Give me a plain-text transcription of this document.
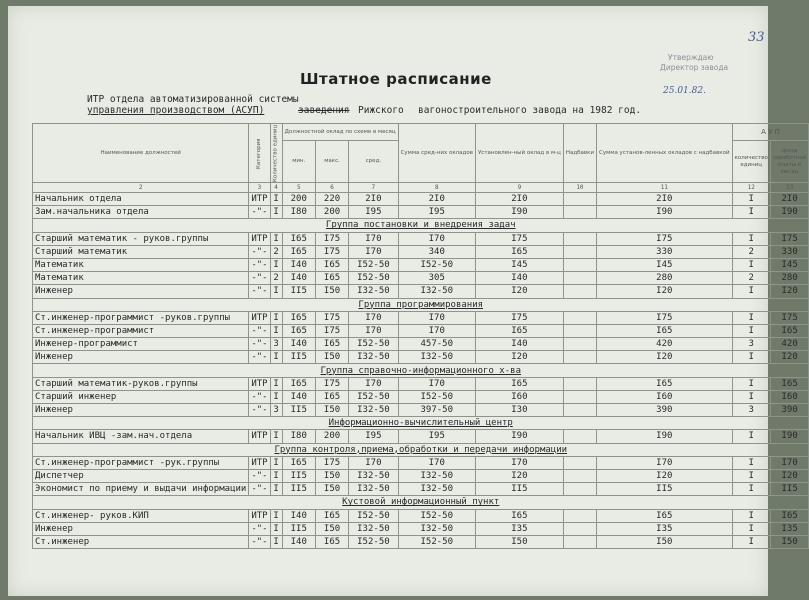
33
Утверждаю
Директор завода
25.01.82.
Штатное расписание
ИТР отдела автоматизированной системы
управления производством (АСУП)	заведения Рижского вагоностроительного завода на 1982 год.
Наименование должностей	Категория	Количество единиц	Должностной оклад по схеме в месяц			Сумма сред-них окладов	Установлен-ный оклад в м-ц	Надбавки	Сумма установ-ленных окладов с надбавкой	А У П	
			мин.	макс.	сред.					количество единиц	фонд заработной платы в месяц
2	3	4	5	6	7	8	9	10	11	12	13
Начальник отдела	ИТР	I	200	220	2I0	2I0	2I0		2I0	I	2I0
Зам.начальника отдела	-"-	I	I80	200	I95	I95	I90		I90	I	I90
Группа постановки и внедрения задач											
Старший математик - руков.группы	ИТР	I	I65	I75	I70	I70	I75		I75	I	I75
Старший математик	-"-	2	I65	I75	I70	340	I65		330	2	330
Математик	-"-	I	I40	I65	I52-50	I52-50	I45		I45	I	I45
Математик	-"-	2	I40	I65	I52-50	305	I40		280	2	280
Инженер	-"-	I	II5	I50	I32-50	I32-50	I20		I20	I	I20
Группа программирования											
Ст.инженер-программист -руков.группы	ИТР	I	I65	I75	I70	I70	I75		I75	I	I75
Ст.инженер-программист	-"-	I	I65	I75	I70	I70	I65		I65	I	I65
Инженер-программист	-"-	3	I40	I65	I52-50	457-50	I40		420	3	420
Инженер	-"-	I	II5	I50	I32-50	I32-50	I20		I20	I	I20
Группа справочно-информационного х-ва											
Старший математик-руков.группы	ИТР	I	I65	I75	I70	I70	I65		I65	I	I65
Старший инженер	-"-	I	I40	I65	I52-50	I52-50	I60		I60	I	I60
Инженер	-"-	3	II5	I50	I32-50	397-50	I30		390	3	390
Информационно-вычислительный центр											
Начальник ИВЦ -зам.нач.отдела	ИТР	I	I80	200	I95	I95	I90		I90	I	I90
Группа контроля,приема,обработки и передачи информации											
Ст.инженер-программист -рук.группы	ИТР	I	I65	I75	I70	I70	I70		I70	I	I70
Диспетчер	-"-	I	II5	I50	I32-50	I32-50	I20		I20	I	I20
Экономист по приему и выдачи информации	-"-	I	II5	I50	I32-50	I32-50	II5		II5	I	II5
Кустовой информационный пункт											
Ст.инженер- руков.КИП	ИТР	I	I40	I65	I52-50	I52-50	I65		I65	I	I65
Инженер	-"-	I	II5	I50	I32-50	I32-50	I35		I35	I	I35
Ст.инженер	-"-	I	I40	I65	I52-50	I52-50	I50		I50	I	I50
